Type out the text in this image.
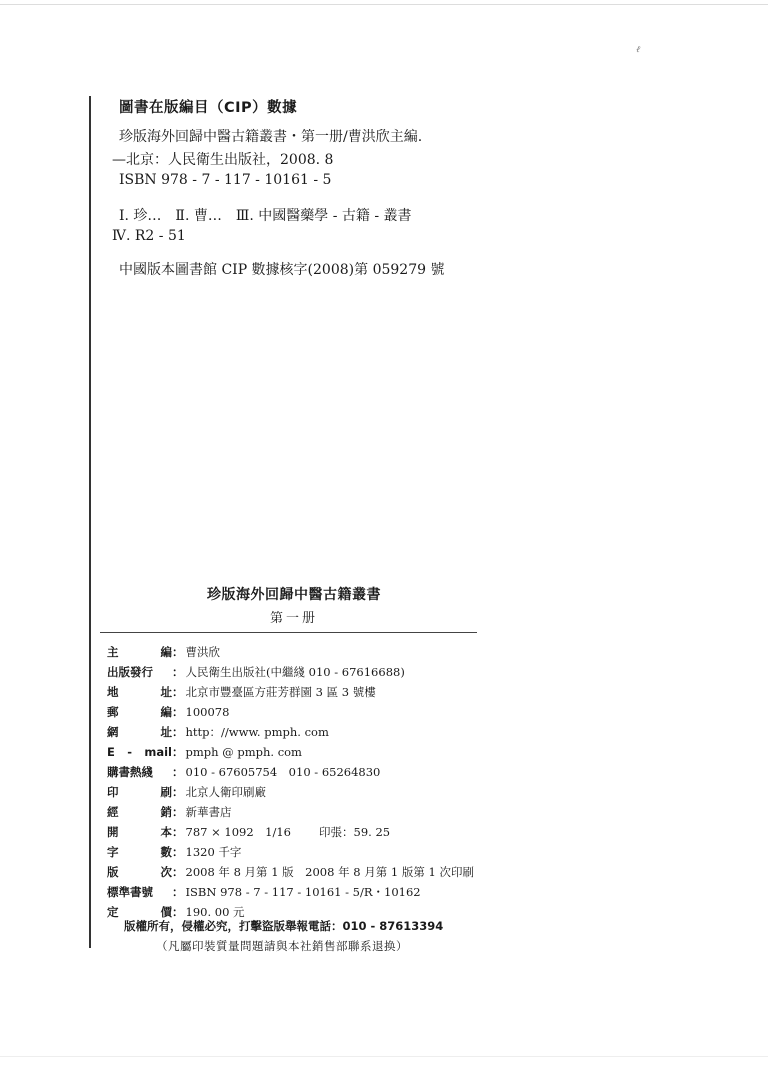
ℓ
圖書在版編目（CIP）數據
珍版海外回歸中醫古籍叢書・第一册/曹洪欣主編.
—北京：人民衛生出版社，2008. 8
ISBN 978 - 7 - 117 - 10161 - 5
Ⅰ. 珍…　Ⅱ. 曹…　Ⅲ. 中國醫藥學 - 古籍 - 叢書
Ⅳ. R2 - 51
中國版本圖書館 CIP 數據核字(2008)第 059279 號
珍版海外回歸中醫古籍叢書
第一册
主	編 ： 曹洪欣
出版發行 ： 人民衛生出版社(中繼綫 010 - 67616688)
地	址 ： 北京市豐臺區方莊芳群園 3 區 3 號樓
郵	編 ： 100078
網	址 ： http：//www. pmph. com
E - mail ： pmph @ pmph. com
購書熱綫 ： 010 - 67605754　010 - 65264830
印	刷 ： 北京人衛印刷廠
經	銷 ： 新華書店
開	本 ： 787 × 1092　1/16 印張：59. 25
字	數 ： 1320 千字
版	次 ： 2008 年 8 月第 1 版　2008 年 8 月第 1 版第 1 次印刷
標準書號 ： ISBN 978 - 7 - 117 - 10161 - 5/R・10162
定	價 ： 190. 00 元
版權所有，侵權必究，打擊盜版舉報電話：010 - 87613394
（凡屬印裝質量問題請與本社銷售部聯系退换）
